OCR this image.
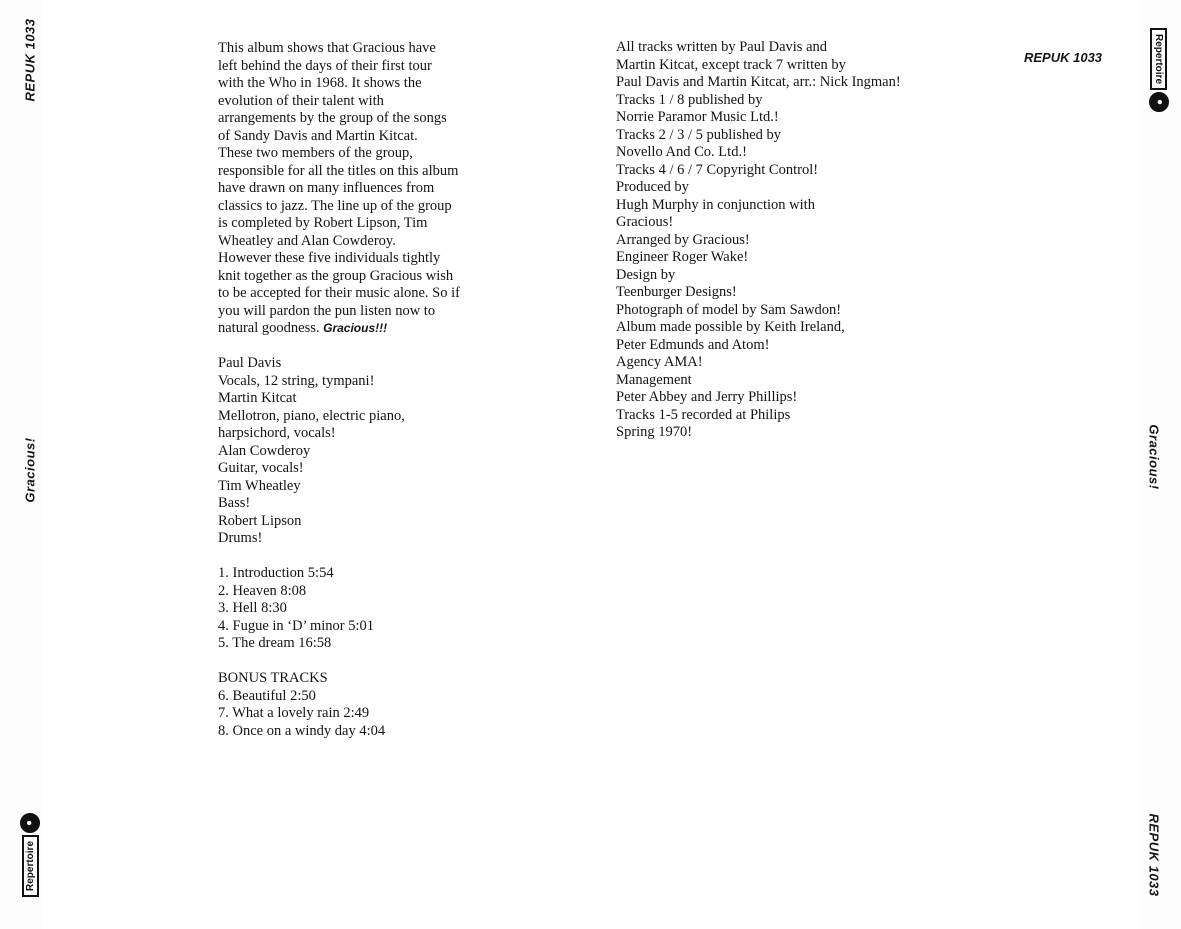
REPUK 1033
Gracious!
Repertoire
●
Repertoire
●
Gracious!
REPUK 1033
REPUK 1033
This album shows that Gracious have
left behind the days of their first tour
with the Who in 1968. It shows the
evolution of their talent with
arrangements by the group of the songs
of Sandy Davis and Martin Kitcat.
These two members of the group,
responsible for all the titles on this album
have drawn on many influences from
classics to jazz. The line up of the group
is completed by Robert Lipson, Tim
Wheatley and Alan Cowderoy.
However these five individuals tightly
knit together as the group Gracious wish
to be accepted for their music alone. So if
you will pardon the pun listen now to
natural goodness. Gracious!!!
Paul Davis
Vocals, 12 string, tympani!
Martin Kitcat
Mellotron, piano, electric piano,
harpsichord, vocals!
Alan Cowderoy
Guitar, vocals!
Tim Wheatley
Bass!
Robert Lipson
Drums!
1. Introduction 5:54
2. Heaven 8:08
3. Hell 8:30
4. Fugue in ‘D’ minor 5:01
5. The dream 16:58
BONUS TRACKS
6. Beautiful 2:50
7. What a lovely rain 2:49
8. Once on a windy day 4:04
All tracks written by Paul Davis and
Martin Kitcat, except track 7 written by
Paul Davis and Martin Kitcat, arr.: Nick Ingman!
Tracks 1 / 8 published by
Norrie Paramor Music Ltd.!
Tracks 2 / 3 / 5 published by
Novello And Co. Ltd.!
Tracks 4 / 6 / 7 Copyright Control!
Produced by
Hugh Murphy in conjunction with
Gracious!
Arranged by Gracious!
Engineer Roger Wake!
Design by
Teenburger Designs!
Photograph of model by Sam Sawdon!
Album made possible by Keith Ireland,
Peter Edmunds and Atom!
Agency AMA!
Management
Peter Abbey and Jerry Phillips!
Tracks 1-5 recorded at Philips
Spring 1970!
